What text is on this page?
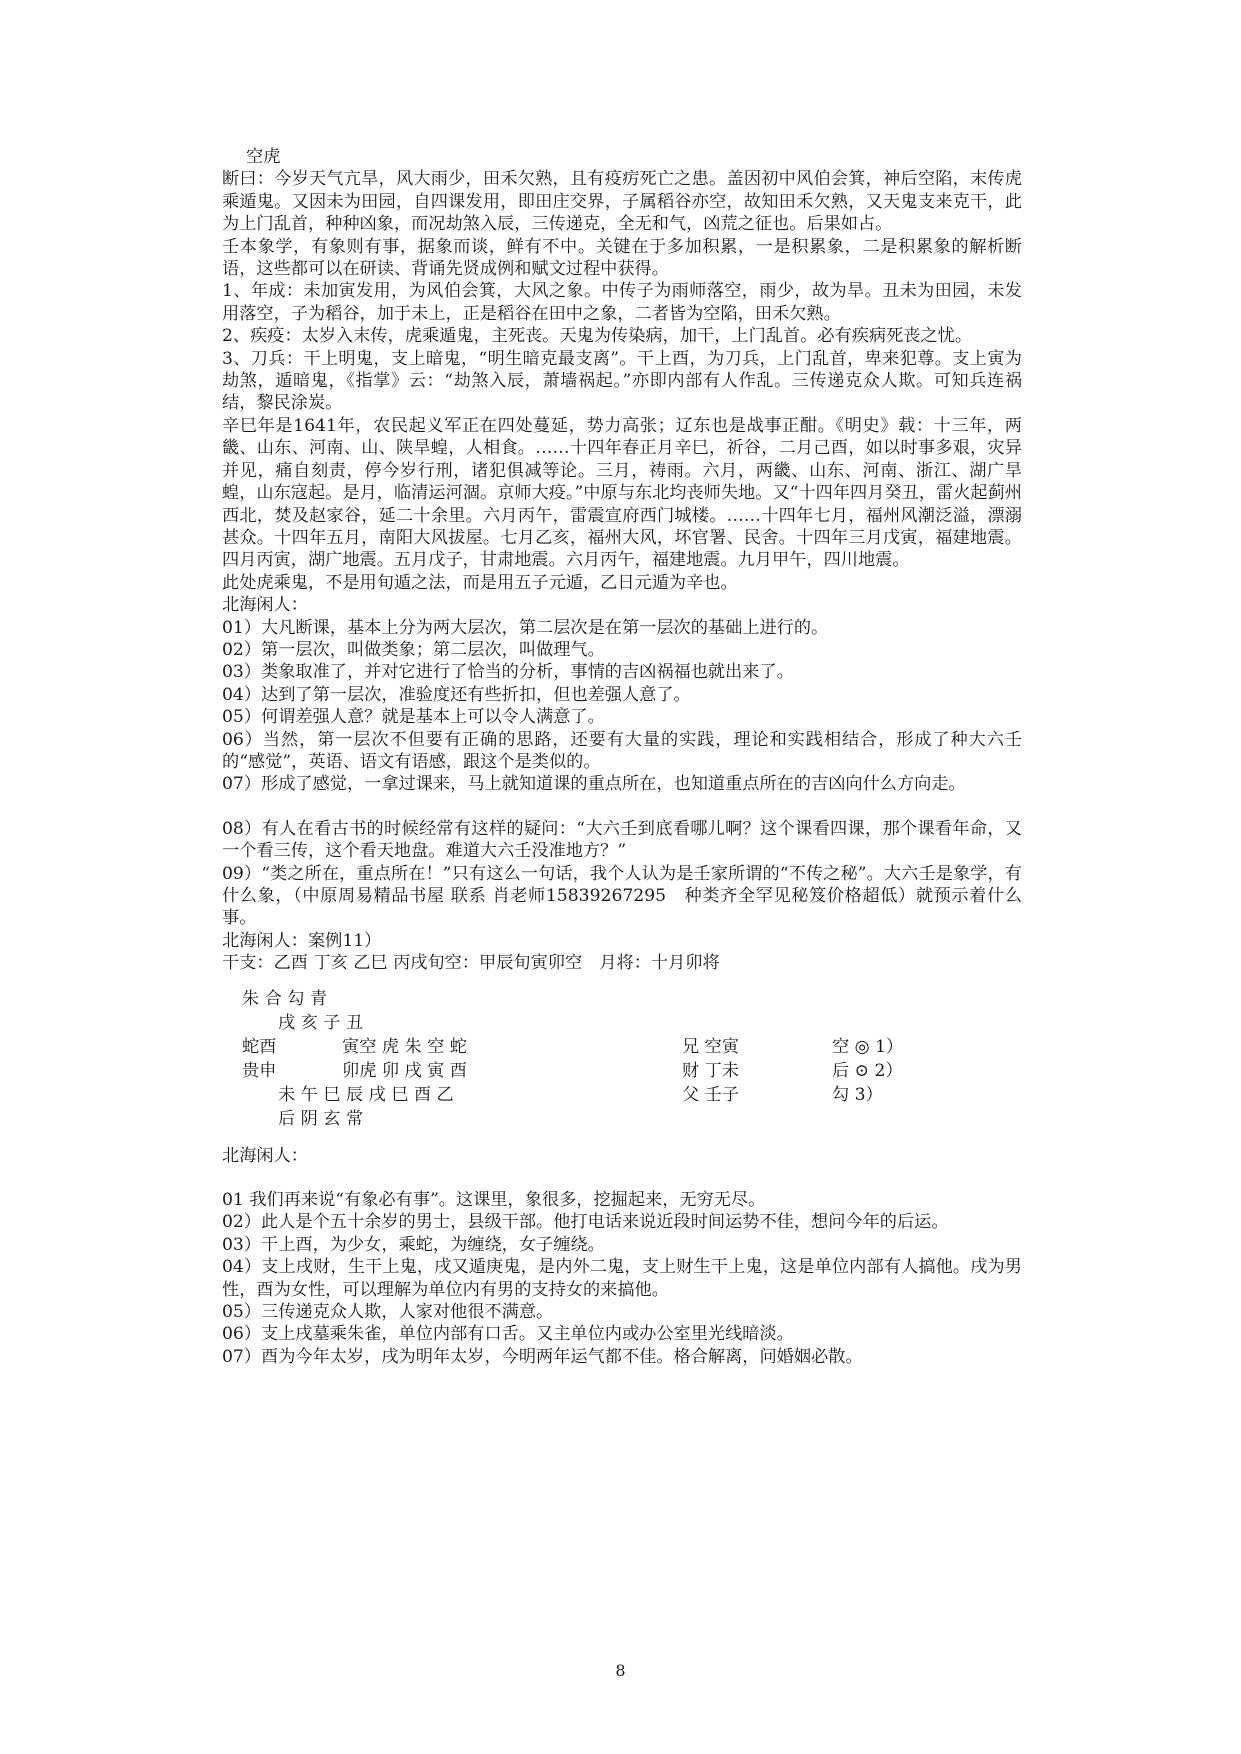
空虎

断曰：今岁天气亢旱，风大雨少，田禾欠熟，且有疫疠死亡之患。盖因初中风伯会箕，神后空陷，末传虎乘遁鬼。又因未为田园，自四课发用，即田庄交界，子属稻谷亦空，故知田禾欠熟，又天鬼支来克干，此为上门乱首，种种凶象，而况劫煞入辰，三传递克，全无和气，凶荒之征也。后果如占。

壬本象学，有象则有事，据象而谈，鲜有不中。关键在于多加积累，一是积累象，二是积累象的解析断语，这些都可以在研读、背诵先贤成例和赋文过程中获得。

1、年成：未加寅发用，为风伯会箕，大风之象。中传子为雨师落空，雨少，故为旱。丑未为田园，未发用落空，子为稻谷，加于未上，正是稻谷在田中之象，二者皆为空陷，田禾欠熟。

2、疾疫：太岁入末传，虎乘遁鬼，主死丧。天鬼为传染病，加干，上门乱首。必有疾病死丧之忧。

3、刀兵：干上明鬼，支上暗鬼，“明生暗克最支离”。干上酉，为刀兵，上门乱首，卑来犯尊。支上寅为劫煞，遁暗鬼，《指掌》云：“劫煞入辰，萧墙祸起。”亦即内部有人作乱。三传递克众人欺。可知兵连祸结，黎民涂炭。

辛巳年是1641年，农民起义军正在四处蔓延，势力高张；辽东也是战事正酣。《明史》载：十三年，两畿、山东、河南、山、陕旱蝗，人相食。……十四年春正月辛巳，祈谷，二月己酉，如以时事多艰，灾异并见，痛自刻责，停今岁行刑，诸犯俱减等论。三月，祷雨。六月，两畿、山东、河南、浙江、湖广旱蝗，山东寇起。是月，临清运河涸。京师大疫。”中原与东北均丧师失地。又“十四年四月癸丑，雷火起蓟州西北，焚及赵家谷，延二十余里。六月丙午，雷震宣府西门城楼。……十四年七月，福州风潮泛溢，漂溺甚众。十四年五月，南阳大风拔屋。七月乙亥，福州大风，坏官署、民舍。十四年三月戊寅，福建地震。四月丙寅，湖广地震。五月戊子，甘肃地震。六月丙午，福建地震。九月甲午，四川地震。

此处虎乘鬼，不是用旬遁之法，而是用五子元遁，乙日元遁为辛也。

北海闲人：

01）大凡断课，基本上分为两大层次，第二层次是在第一层次的基础上进行的。

02）第一层次，叫做类象；第二层次，叫做理气。

03）类象取准了，并对它进行了恰当的分析，事情的吉凶祸福也就出来了。

04）达到了第一层次，准验度还有些折扣，但也差强人意了。

05）何谓差强人意？就是基本上可以令人满意了。

06）当然，第一层次不但要有正确的思路，还要有大量的实践，理论和实践相结合，形成了种大六壬的“感觉”，英语、语文有语感，跟这个是类似的。

07）形成了感觉，一拿过课来，马上就知道课的重点所在，也知道重点所在的吉凶向什么方向走。

08）有人在看古书的时候经常有这样的疑问：“大六壬到底看哪儿啊？这个课看四课，那个课看年命，又一个看三传，这个看天地盘。难道大六壬没准地方？”

09）“类之所在，重点所在！”只有这么一句话，我个人认为是壬家所谓的“不传之秘”。大六壬是象学，有什么象，（中原周易精品书屋 联系 肖老师15839267295　种类齐全罕见秘笈价格超低）就预示着什么事。

北海闲人：案例11）

干支：乙酉 丁亥 乙巳 丙戌旬空：甲辰旬寅卯空　月将：十月卯将

朱 合 勾 青
戌 亥 子 丑
蛇酉	寅空 虎 朱 空 蛇	兄 空寅	空 ◎ 1）
贵申	卯虎 卯 戌 寅 酉	财 丁未	后 ⊙ 2）
未 午 巳 辰 戌 巳 酉 乙	父 壬子	勾 3）
后 阴 玄 常

北海闲人：

01 我们再来说“有象必有事”。这课里，象很多，挖掘起来，无穷无尽。

02）此人是个五十余岁的男士，县级干部。他打电话来说近段时间运势不佳，想问今年的后运。

03）干上酉，为少女，乘蛇，为缠绕，女子缠绕。

04）支上戌财，生干上鬼，戌又遁庚鬼，是内外二鬼，支上财生干上鬼，这是单位内部有人搞他。戌为男性，酉为女性，可以理解为单位内有男的支持女的来搞他。

05）三传递克众人欺，人家对他很不满意。

06）支上戌墓乘朱雀，单位内部有口舌。又主单位内或办公室里光线暗淡。

07）酉为今年太岁，戌为明年太岁，今明两年运气都不佳。格合解离，问婚姻必散。

8
